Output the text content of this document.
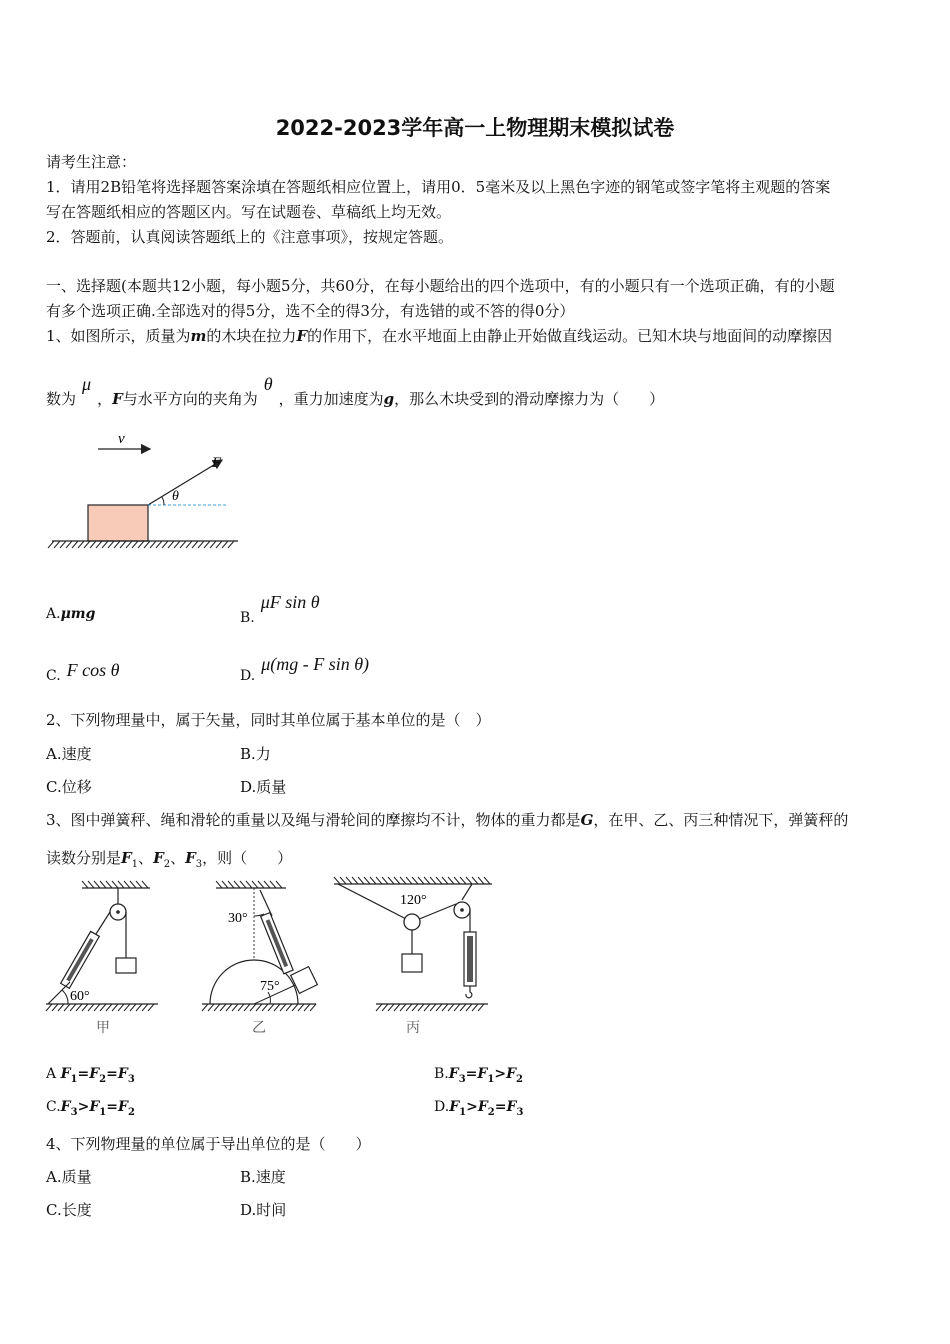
2022-2023学年高一上物理期末模拟试卷
请考生注意：
1．请用2B铅笔将选择题答案涂填在答题纸相应位置上，请用0．5毫米及以上黑色字迹的钢笔或签字笔将主观题的答案
写在答题纸相应的答题区内。写在试题卷、草稿纸上均无效。
2．答题前，认真阅读答题纸上的《注意事项》，按规定答题。
一、选择题(本题共12小题，每小题5分，共60分，在每小题给出的四个选项中，有的小题只有一个选项正确，有的小题
有多个选项正确.全部选对的得5分，选不全的得3分，有选错的或不答的得0分）
1、如图所示，质量为m的木块在拉力F的作用下，在水平地面上由静止开始做直线运动。已知木块与地面间的动摩擦因
数为μ，F与水平方向的夹角为θ，重力加速度为g，那么木块受到的滑动摩擦力为（　　）
v
F
θ
A.μmg	B.μF sin θ
C. F cos θ	D.μ(mg - F sin θ)
2、下列物理量中，属于矢量，同时其单位属于基本单位的是（　）
A.速度	B.力
C.位移	D.质量
3、图中弹簧秤、绳和滑轮的重量以及绳与滑轮间的摩擦均不计，物体的重力都是G，在甲、乙、丙三种情况下，弹簧秤的
读数分别是$F_1$、$F_2$、$F_3$，则（　　）
60°
甲
30°
75°
乙
120°
丙
A $F_1=F_2=F_3$	$B.F_3=F_1>F_2$
$C.F_3>F_1=F_2$	$D.F_1>F_2=F_3$
4、下列物理量的单位属于导出单位的是（　　）
A.质量	B.速度
C.长度	D.时间
